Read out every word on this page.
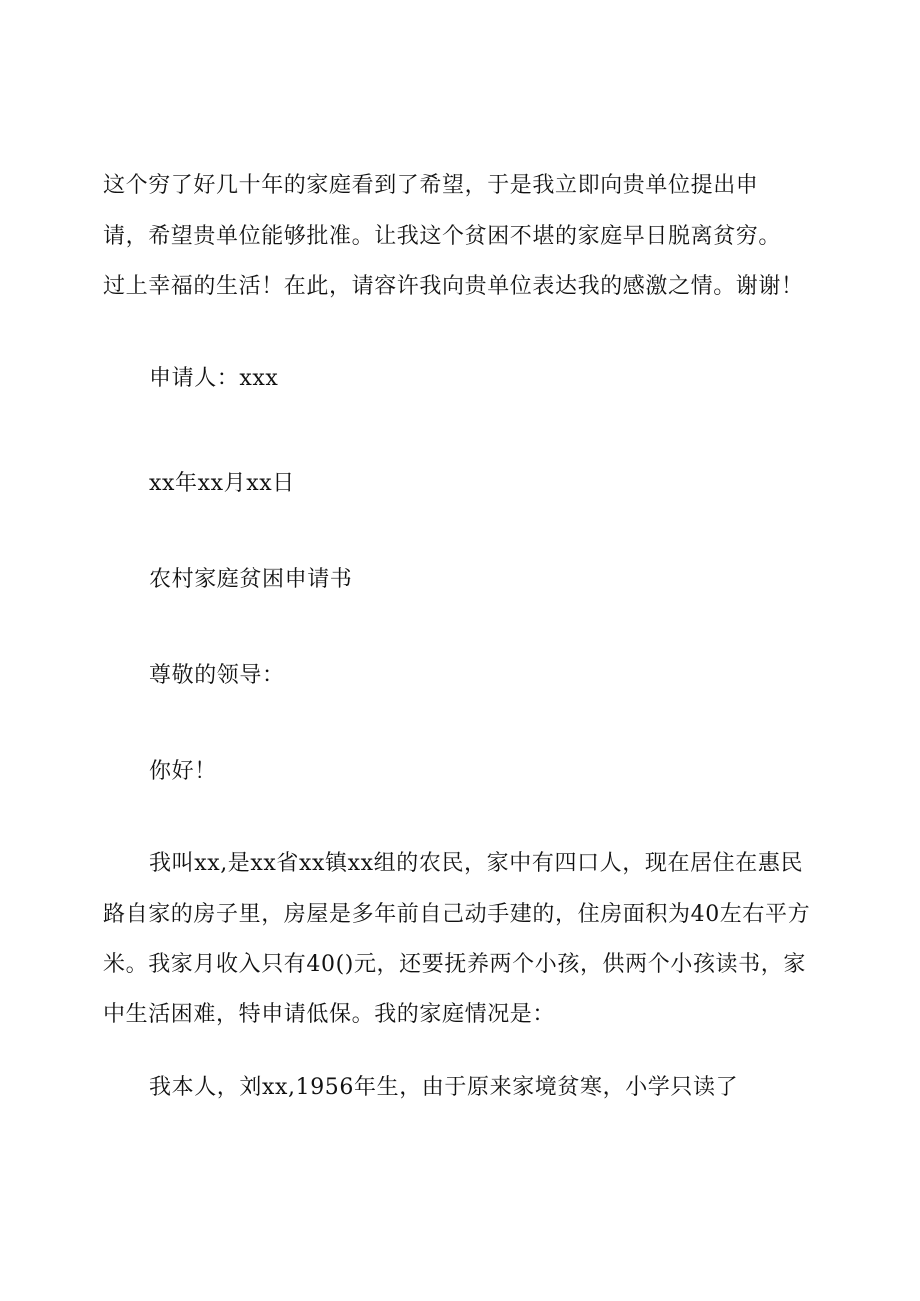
这个穷了好几十年的家庭看到了希望，于是我立即向贵单位提出申
请，希望贵单位能够批准。让我这个贫困不堪的家庭早日脱离贫穷。
过上幸福的生活！在此，请容许我向贵单位表达我的感激之情。谢谢！
申请人：xxx
xx年xx月xx日
农村家庭贫困申请书
尊敬的领导：
你好！
我叫xx,是xx省xx镇xx组的农民，家中有四口人，现在居住在惠民
路自家的房子里，房屋是多年前自己动手建的，住房面积为40左右平方
米。我家月收入只有40()元，还要抚养两个小孩，供两个小孩读书，家
中生活困难，特申请低保。我的家庭情况是：
我本人，刘xx,1956年生，由于原来家境贫寒，小学只读了
